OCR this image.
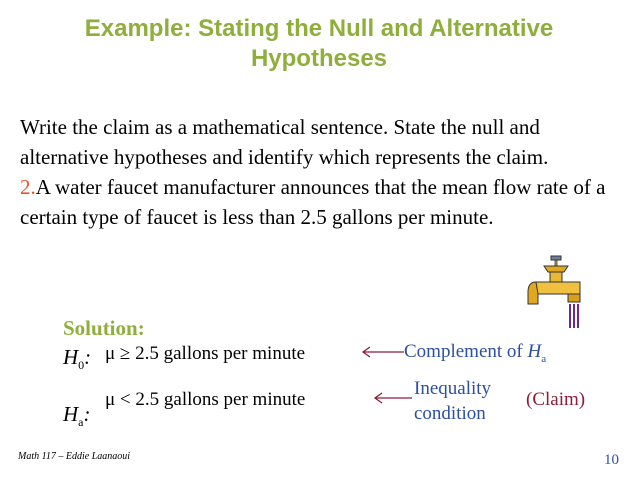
Example: Stating the Null and Alternative
Hypotheses
Write the claim as a mathematical sentence. State the null and alternative hypotheses and identify which represents the claim.
2.A water faucet manufacturer announces that the mean flow rate of a certain type of faucet is less than 2.5 gallons per minute.
Solution:
$H_0$: μ ≥ 2.5 gallons per minute	Complement of $H_a$
$H_a$:
μ < 2.5 gallons per minute
Inequality
condition
(Claim)
Math 117 – Eddie Laanaoui	10
